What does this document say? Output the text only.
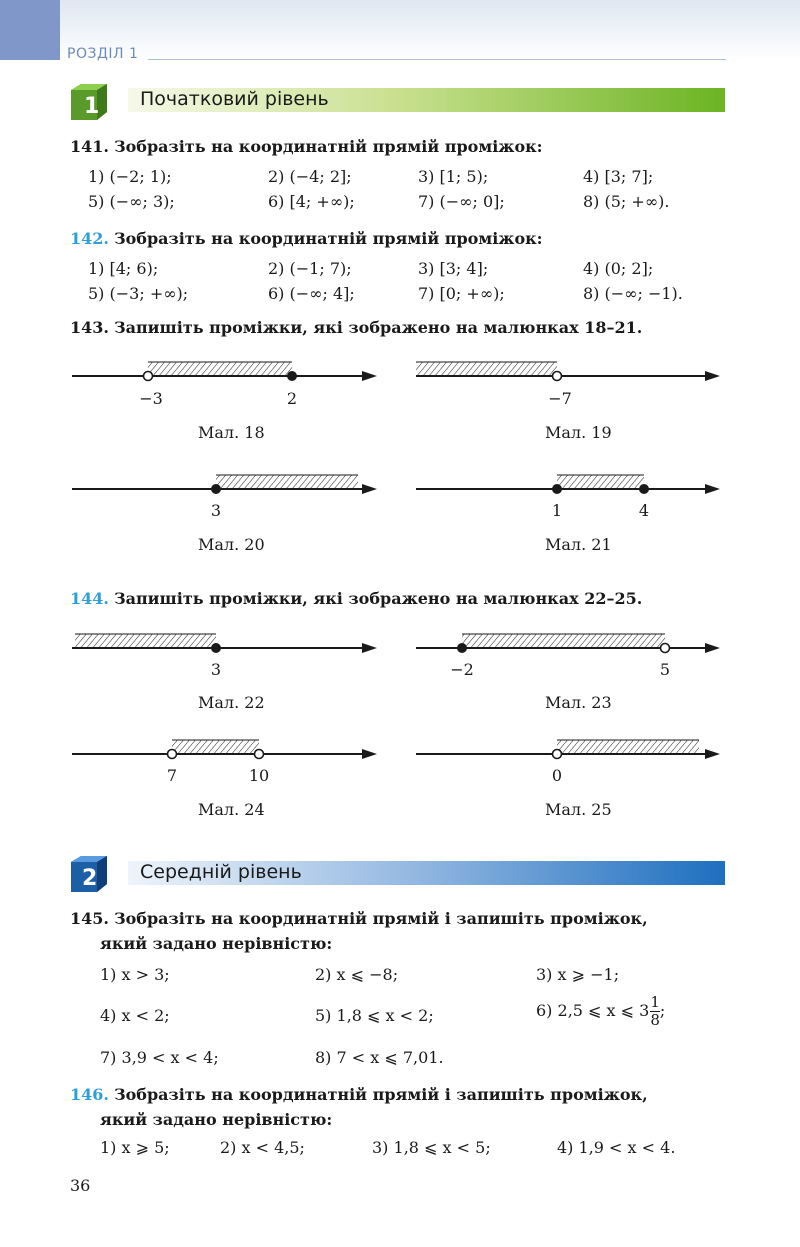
РОЗДІЛ 1
1 Початковий рівень
141. Зобразіть на координатній прямій проміжок:
1) (−2; 1);	2) (−4; 2];	3) [1; 5);	4) [3; 7];
5) (−∞; 3);	6) [4; +∞);	7) (−∞; 0];	8) (5; +∞).
142. Зобразіть на координатній прямій проміжок:
1) [4; 6);	2) (−1; 7);	3) [3; 4];	4) (0; 2];
5) (−3; +∞);	6) (−∞; 4];	7) [0; +∞);	8) (−∞; −1).
143. Запишіть проміжки, які зображено на малюнках 18–21.
−3	2
Мал. 18
−7
Мал. 19
3
Мал. 20
1	4
Мал. 21
144. Запишіть проміжки, які зображено на малюнках 22–25.
3
Мал. 22
−2	5
Мал. 23
7	10
Мал. 24
0
Мал. 25
2 Середній рівень
145. Зобразіть на координатній прямій і запишіть проміжок,
який задано нерівністю:
1) x > 3;	2) x ⩽ −8;	3) x ⩾ −1;
4) x < 2;	5) 1,8 ⩽ x < 2;	6) 2,5 ⩽ x ⩽ $3 \frac{1}{8}$ ;
7) 3,9 < x < 4;	8) 7 < x ⩽ 7,01.
146. Зобразіть на координатній прямій і запишіть проміжок,
який задано нерівністю:
1) x ⩾ 5;	2) x < 4,5;	3) 1,8 ⩽ x < 5;	4) 1,9 < x < 4.
36
